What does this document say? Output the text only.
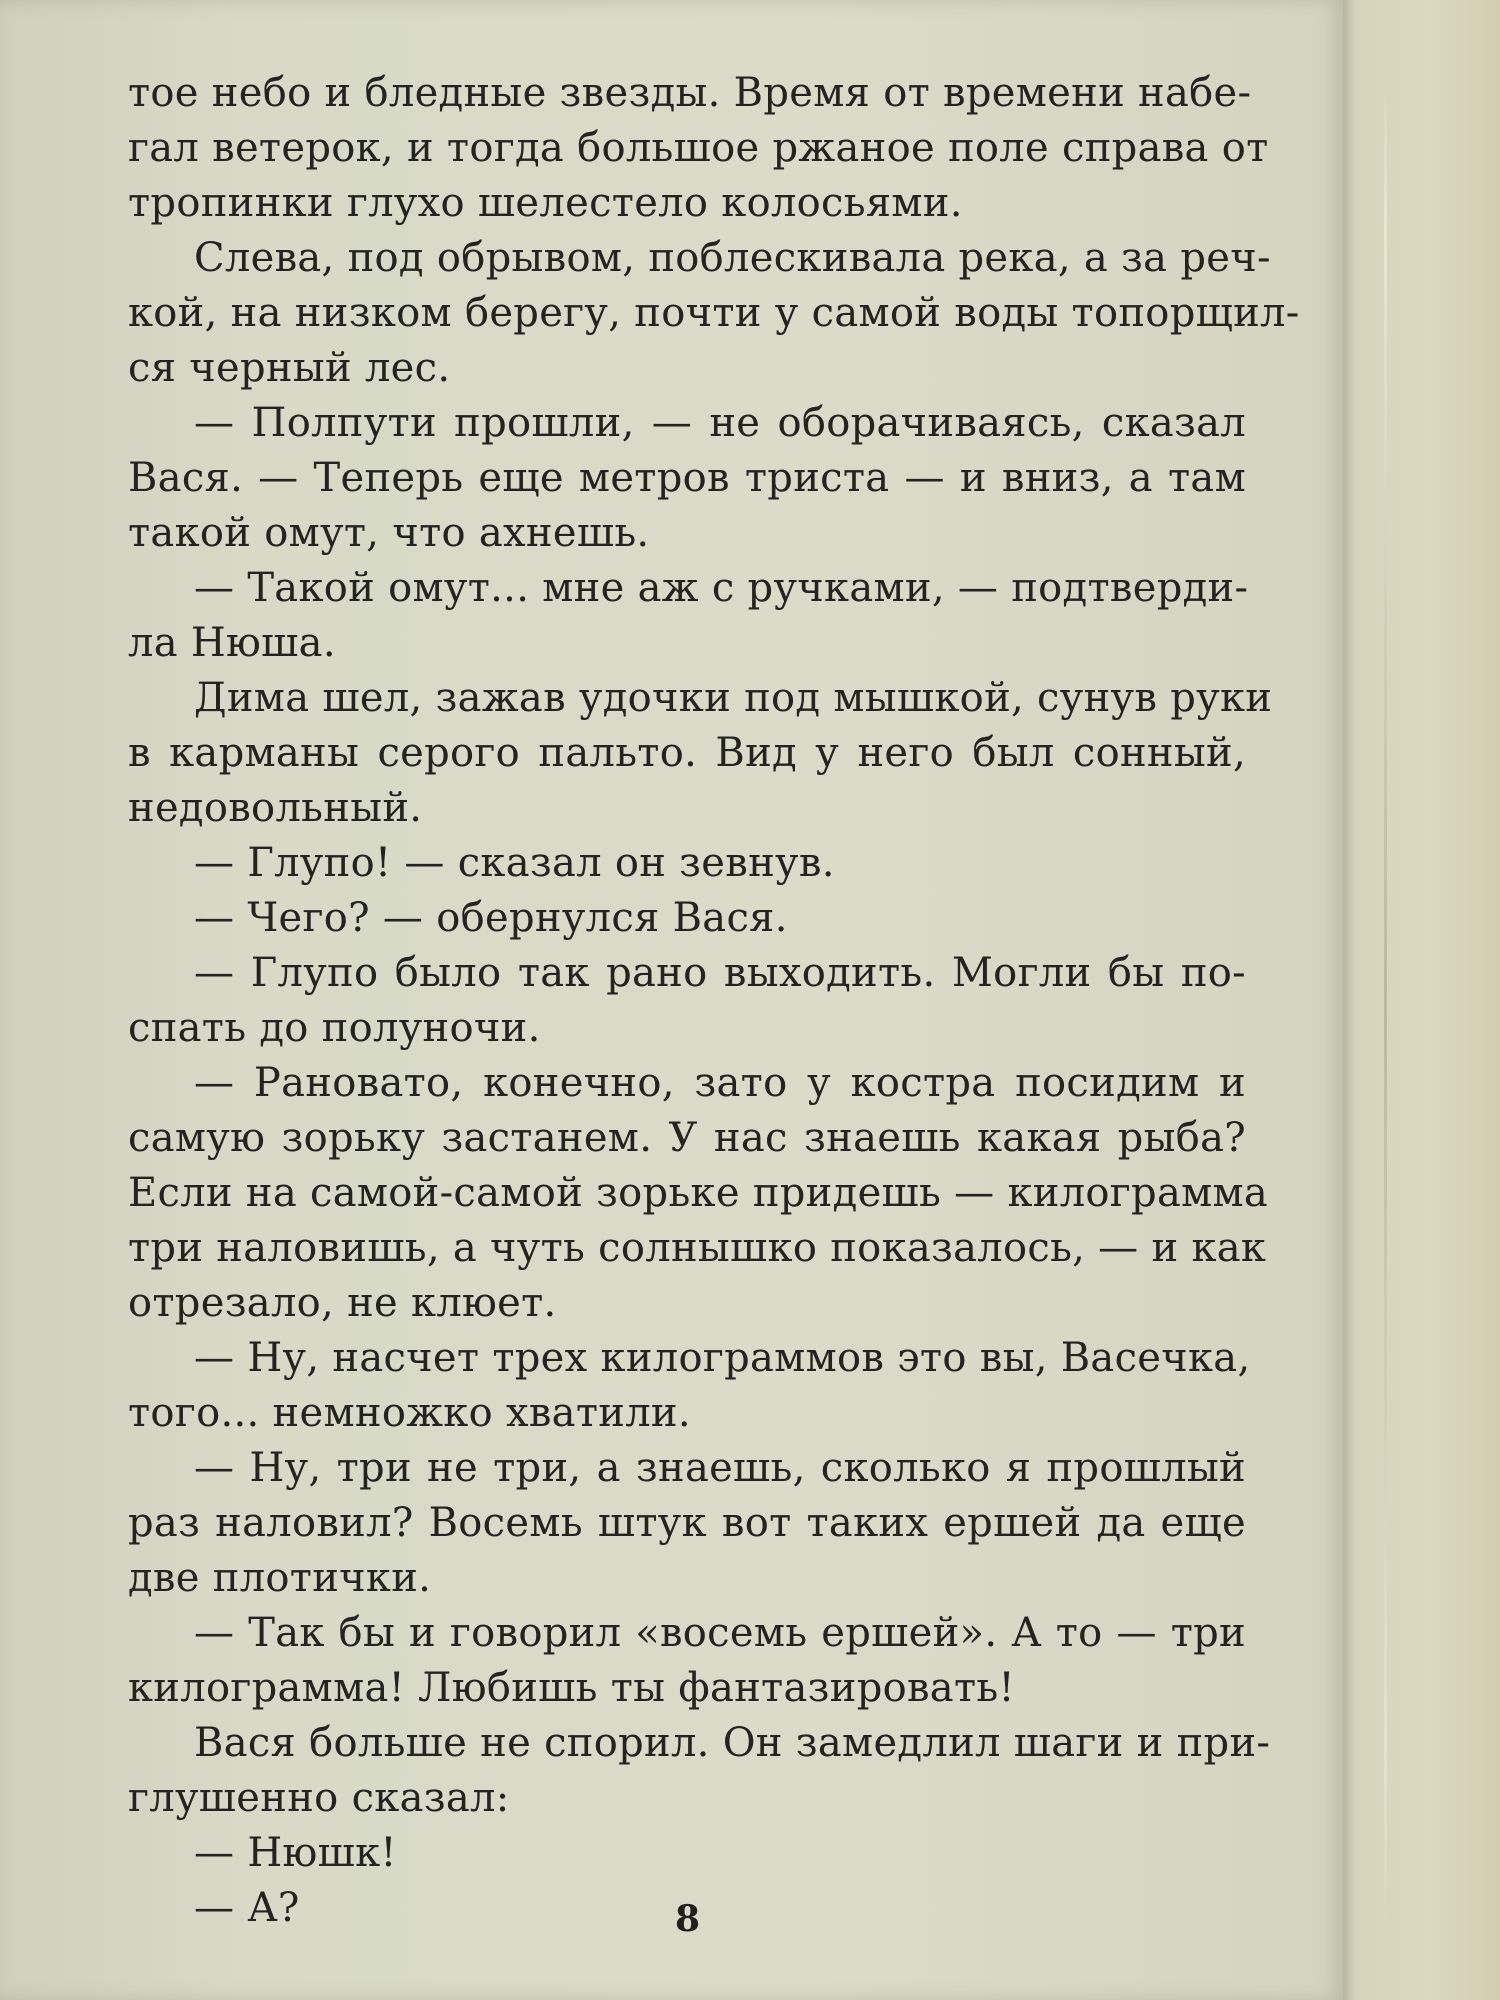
тое небо и бледные звезды. Время от времени набе-
гал ветерок, и тогда большое ржаное поле справа от
тропинки глухо шелестело колосьями.
Слева, под обрывом, поблескивала река, а за реч-
кой, на низком берегу, почти у самой воды топорщил-
ся черный лес.
— Полпути прошли, — не оборачиваясь, сказал
Вася. — Теперь еще метров триста — и вниз, а там
такой омут, что ахнешь.
— Такой омут... мне аж с ручками, — подтверди-
ла Нюша.
Дима шел, зажав удочки под мышкой, сунув руки
в карманы серого пальто. Вид у него был сонный,
недовольный.
— Глупо! — сказал он зевнув.
— Чего? — обернулся Вася.
— Глупо было так рано выходить. Могли бы по-
спать до полуночи.
— Рановато, конечно, зато у костра посидим и
самую зорьку застанем. У нас знаешь какая рыба?
Если на самой-самой зорьке придешь — килограмма
три наловишь, а чуть солнышко показалось, — и как
отрезало, не клюет.
— Ну, насчет трех килограммов это вы, Васечка,
того... немножко хватили.
— Ну, три не три, а знаешь, сколько я прошлый
раз наловил? Восемь штук вот таких ершей да еще
две плотички.
— Так бы и говорил «восемь ершей». А то — три
килограмма! Любишь ты фантазировать!
Вася больше не спорил. Он замедлил шаги и при-
глушенно сказал:
— Нюшк!
— А?	8
